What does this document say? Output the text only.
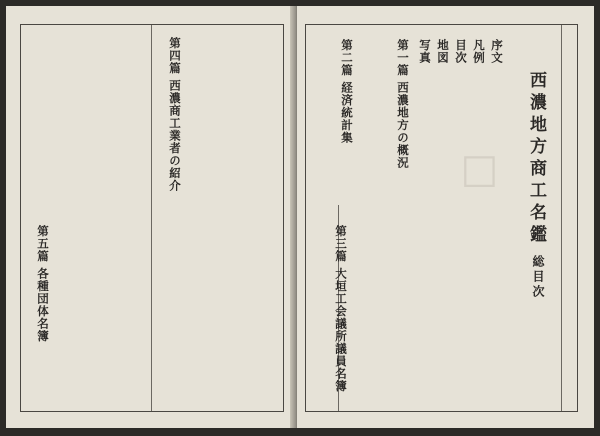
第四篇 西濃商工業者の紹介
第五篇 各種団体名簿
□ 西濃地方商工名鑑
総目次
序文
凡例
目次
地図
写真
第一篇 西濃地方の概況
第二篇 経済統計集
第三篇 大垣工会議所議員名簿
